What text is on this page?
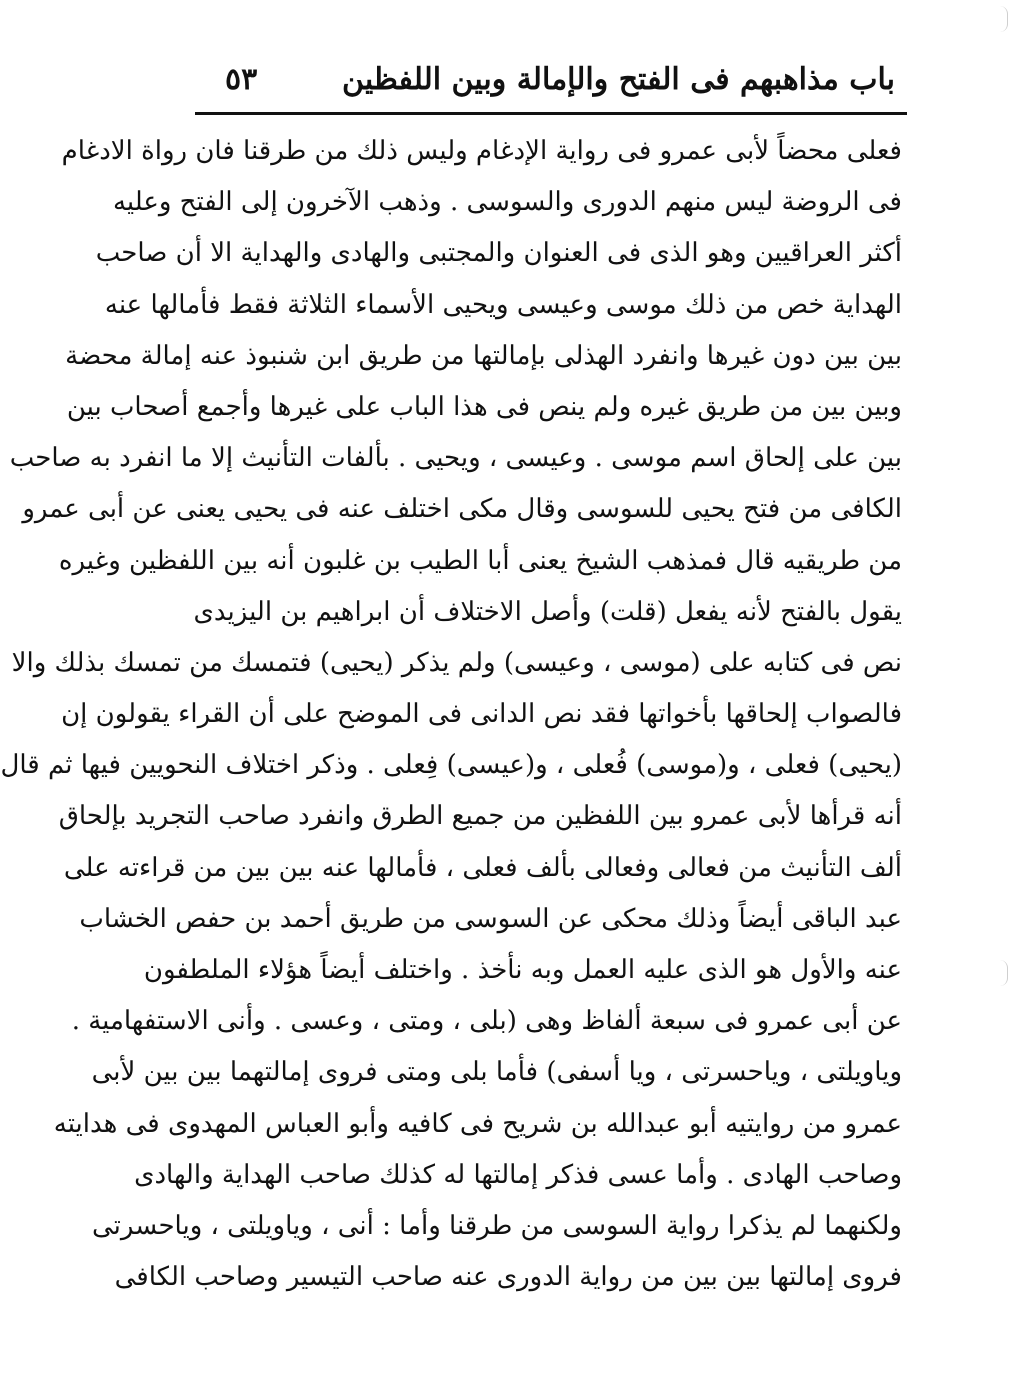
باب مذاهبهم فى الفتح والإمالة وبين اللفظين
٥٣
فعلى محضاً لأبى عمرو فى رواية الإدغام وليس ذلك من طرقنا فان رواة الادغام
فى الروضة ليس منهم الدورى والسوسى . وذهب الآخرون إلى الفتح وعليه
أكثر العراقيين وهو الذى فى العنوان والمجتبى والهادى والهداية الا أن صاحب
الهداية خص من ذلك موسى وعيسى ويحيى الأسماء الثلاثة فقط فأمالها عنه
بين بين دون غيرها وانفرد الهذلى بإمالتها من طريق ابن شنبوذ عنه إمالة محضة
وبين بين من طريق غيره ولم ينص فى هذا الباب على غيرها وأجمع أصحاب بين
بين على إلحاق اسم موسى . وعيسى ، ويحيى . بألفات التأنيث إلا ما انفرد به صاحب
الكافى من فتح يحيى للسوسى وقال مكى اختلف عنه فى يحيى يعنى عن أبى عمرو
من طريقيه قال فمذهب الشيخ يعنى أبا الطيب بن غلبون أنه بين اللفظين وغيره
يقول بالفتح لأنه يفعل (قلت) وأصل الاختلاف أن ابراهيم بن اليزيدى
نص فى كتابه على (موسى ، وعيسى) ولم يذكر (يحيى) فتمسك من تمسك بذلك والا
فالصواب إلحاقها بأخواتها فقد نص الدانى فى الموضح على أن القراء يقولون إن
(يحيى) فعلى ، و(موسى) فُعلى ، و(عيسى) فِعلى . وذكر اختلاف النحويين فيها ثم قال
أنه قرأها لأبى عمرو بين اللفظين من جميع الطرق وانفرد صاحب التجريد بإلحاق
ألف التأنيث من فعالى وفعالى بألف فعلى ، فأمالها عنه بين بين من قراءته على
عبد الباقى أيضاً وذلك محكى عن السوسى من طريق أحمد بن حفص الخشاب
عنه والأول هو الذى عليه العمل وبه نأخذ . واختلف أيضاً هؤلاء الملطفون
عن أبى عمرو فى سبعة ألفاظ وهى (بلى ، ومتى ، وعسى . وأنى الاستفهامية .
وياويلتى ، وياحسرتى ، ويا أسفى) فأما بلى ومتى فروى إمالتهما بين بين لأبى
عمرو من روايتيه أبو عبدالله بن شريح فى كافيه وأبو العباس المهدوى فى هدايته
وصاحب الهادى . وأما عسى فذكر إمالتها له كذلك صاحب الهداية والهادى
ولكنهما لم يذكرا رواية السوسى من طرقنا وأما : أنى ، وياويلتى ، وياحسرتى
فروى إمالتها بين بين من رواية الدورى عنه صاحب التيسير وصاحب الكافى
